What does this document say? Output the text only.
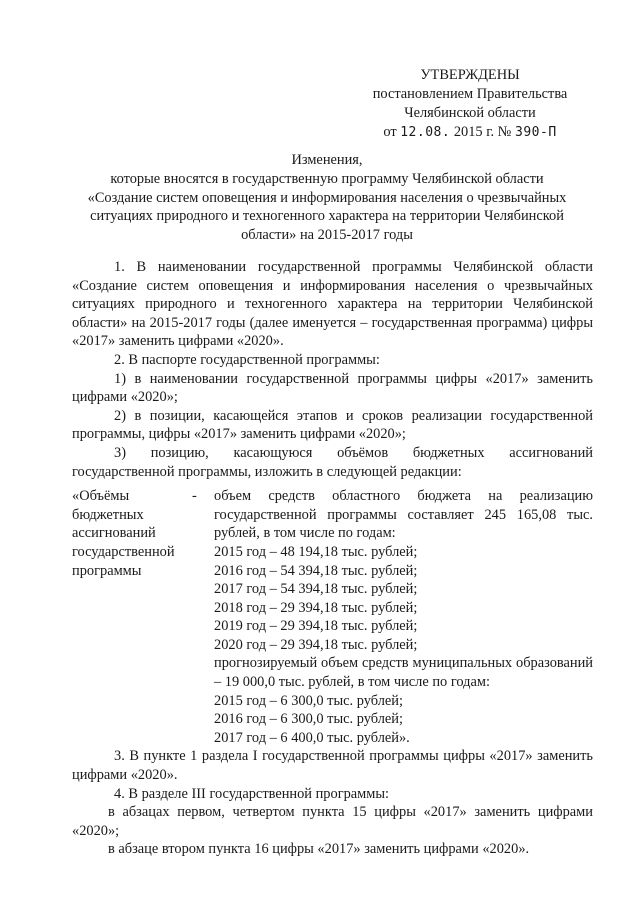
УТВЕРЖДЕНЫ
постановлением Правительства
Челябинской области
от 12.08. 2015 г. № 390-П
Изменения,
которые вносятся в государственную программу Челябинской области
«Создание систем оповещения и информирования населения о чрезвычайных
ситуациях природного и техногенного характера на территории Челябинской
области» на 2015-2017 годы

1. В наименовании государственной программы Челябинской области «Создание систем оповещения и информирования населения о чрезвычайных ситуациях природного и техногенного характера на территории Челябинской области» на 2015-2017 годы (далее именуется – государственная программа) цифры «2017» заменить цифрами «2020».

2. В паспорте государственной программы:

1) в наименовании государственной программы цифры «2017» заменить цифрами «2020»;

2) в позиции, касающейся этапов и сроков реализации государственной программы, цифры «2017» заменить цифрами «2020»;

3) позицию, касающуюся объёмов бюджетных ассигнований государственной программы, изложить в следующей редакции:

«Объёмы
бюджетных
ассигнований
государственной
программы
-	объем средств областного бюджета на реализацию государственной программы составляет 245 165,08 тыс. рублей, в том числе по годам:

2015 год – 48 194,18 тыс. рублей;
2016 год – 54 394,18 тыс. рублей;
2017 год – 54 394,18 тыс. рублей;
2018 год – 29 394,18 тыс. рублей;
2019 год – 29 394,18 тыс. рублей;
2020 год – 29 394,18 тыс. рублей;

прогнозируемый объем средств муниципальных образований – 19 000,0 тыс. рублей, в том числе по годам:

2015 год – 6 300,0 тыс. рублей;
2016 год – 6 300,0 тыс. рублей;
2017 год – 6 400,0 тыс. рублей».

3. В пункте 1 раздела I государственной программы цифры «2017» заменить цифрами «2020».

4. В разделе III государственной программы:

в абзацах первом, четвертом пункта 15 цифры «2017» заменить цифрами «2020»;

в абзаце втором пункта 16 цифры «2017» заменить цифрами «2020».
